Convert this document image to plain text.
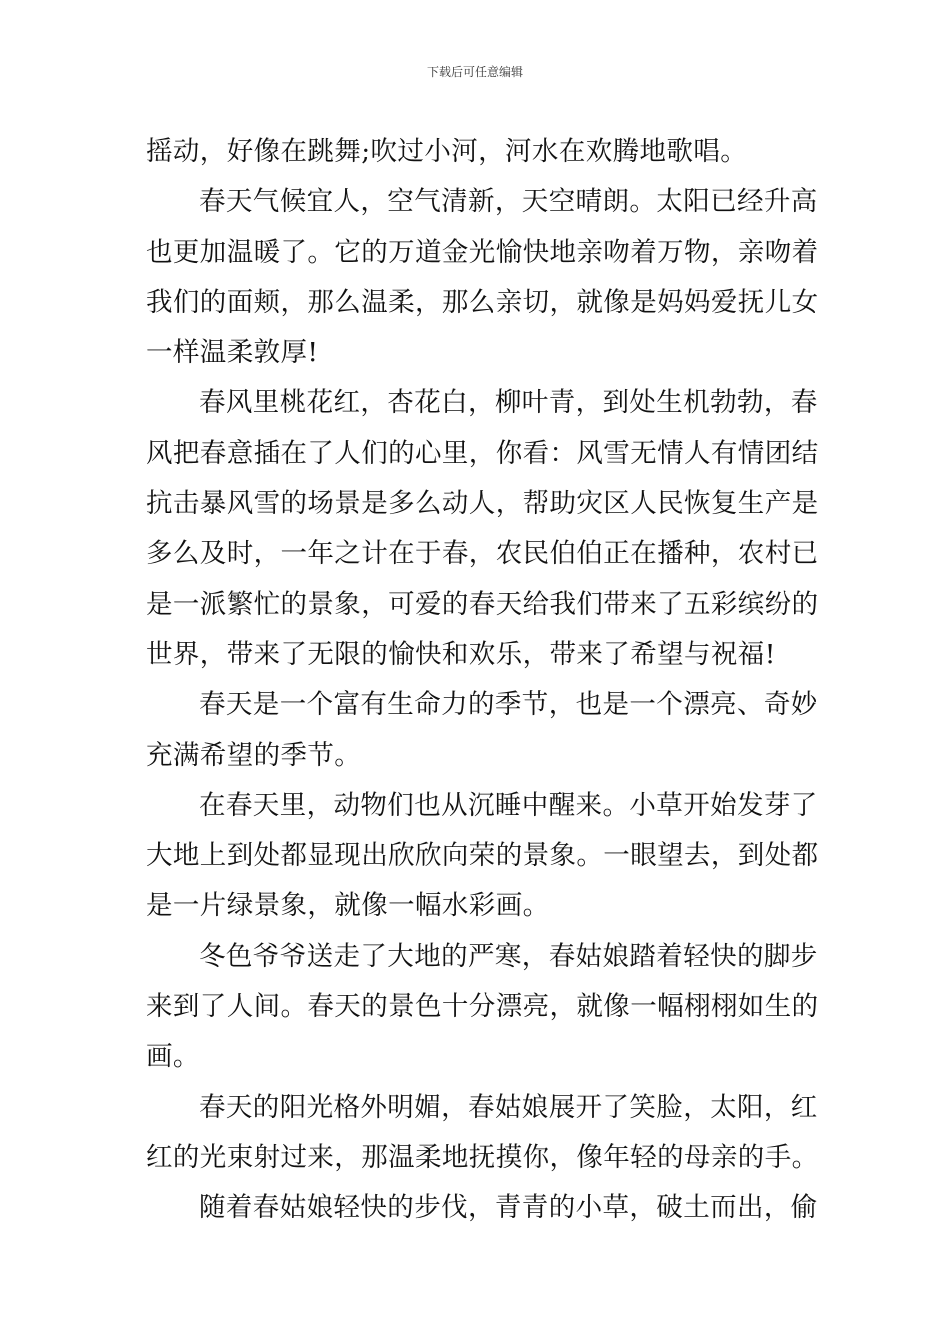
下载后可任意编辑
摇动，好像在跳舞;吹过小河，河水在欢腾地歌唱。
春天气候宜人，空气清新，天空晴朗。太阳已经升高
也更加温暖了。它的万道金光愉快地亲吻着万物，亲吻着
我们的面颊，那么温柔，那么亲切，就像是妈妈爱抚儿女
一样温柔敦厚!
春风里桃花红，杏花白，柳叶青，到处生机勃勃，春
风把春意插在了人们的心里，你看：风雪无情人有情团结
抗击暴风雪的场景是多么动人，帮助灾区人民恢复生产是
多么及时，一年之计在于春，农民伯伯正在播种，农村已
是一派繁忙的景象，可爱的春天给我们带来了五彩缤纷的
世界，带来了无限的愉快和欢乐，带来了希望与祝福!
春天是一个富有生命力的季节，也是一个漂亮、奇妙
充满希望的季节。
在春天里，动物们也从沉睡中醒来。小草开始发芽了
大地上到处都显现出欣欣向荣的景象。一眼望去，到处都
是一片绿景象，就像一幅水彩画。
冬色爷爷送走了大地的严寒，春姑娘踏着轻快的脚步
来到了人间。春天的景色十分漂亮，就像一幅栩栩如生的
画。
春天的阳光格外明媚，春姑娘展开了笑脸，太阳，红
红的光束射过来，那温柔地抚摸你，像年轻的母亲的手。
随着春姑娘轻快的步伐，青青的小草，破土而出，偷
